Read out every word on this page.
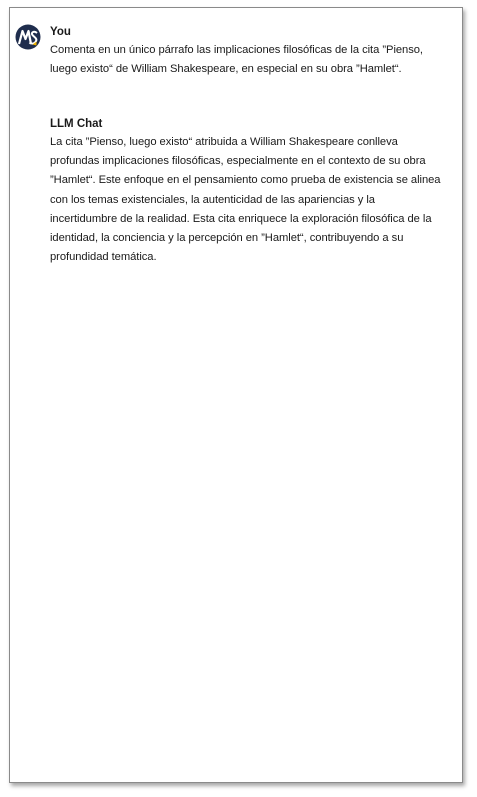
You
Comenta en un único párrafo las implicaciones filosóficas de la cita ”Pienso, luego existo“ de William Shakespeare, en especial en su obra ”Hamlet“.
LLM Chat
La cita ”Pienso, luego existo“ atribuida a William Shakespeare conlleva profundas implicaciones filosóficas, especialmente en el contexto de su obra ”Hamlet“. Este enfoque en el pensamiento como prueba de existencia se alinea con los temas existenciales, la autenticidad de las apariencias y la incertidumbre de la realidad. Esta cita enriquece la exploración filosófica de la identidad, la conciencia y la percepción en ”Hamlet“, contribuyendo a su profundidad temática.
